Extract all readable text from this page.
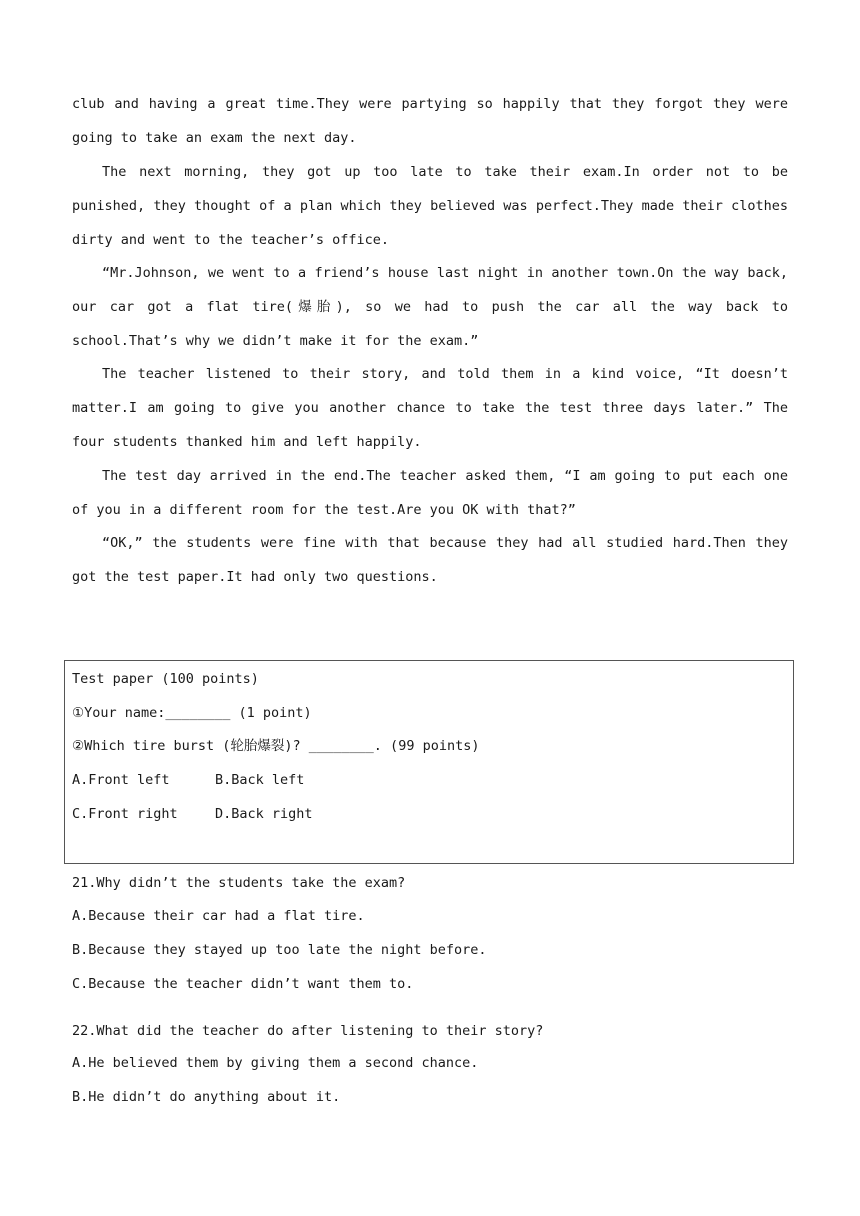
club and having a great time.They were partying so happily that they forgot they were going to take an exam the next day.

The next morning, they got up too late to take their exam.In order not to be punished, they thought of a plan which they believed was perfect.They made their clothes dirty and went to the teacher’s office.

“Mr.Johnson, we went to a friend’s house last night in another town.On the way back, our car got a flat tire(爆胎), so we had to push the car all the way back to school.That’s why we didn’t make it for the exam.”

The teacher listened to their story, and told them in a kind voice, “It doesn’t matter.I am going to give you another chance to take the test three days later.” The four students thanked him and left happily.

The test day arrived in the end.The teacher asked them, “I am going to put each one of you in a different room for the test.Are you OK with that?”

“OK,” the students were fine with that because they had all studied hard.Then they got the test paper.It had only two questions.

Test paper (100 points)
①Your name:________ (1 point)
②Which tire burst (轮胎爆裂)? ________. (99 points)
A.Front left	B.Back left
C.Front right	D.Back right
21.Why didn’t the students take the exam?
A.Because their car had a flat tire.
B.Because they stayed up too late the night before.
C.Because the teacher didn’t want them to.
22.What did the teacher do after listening to their story?
A.He believed them by giving them a second chance.
B.He didn’t do anything about it.
